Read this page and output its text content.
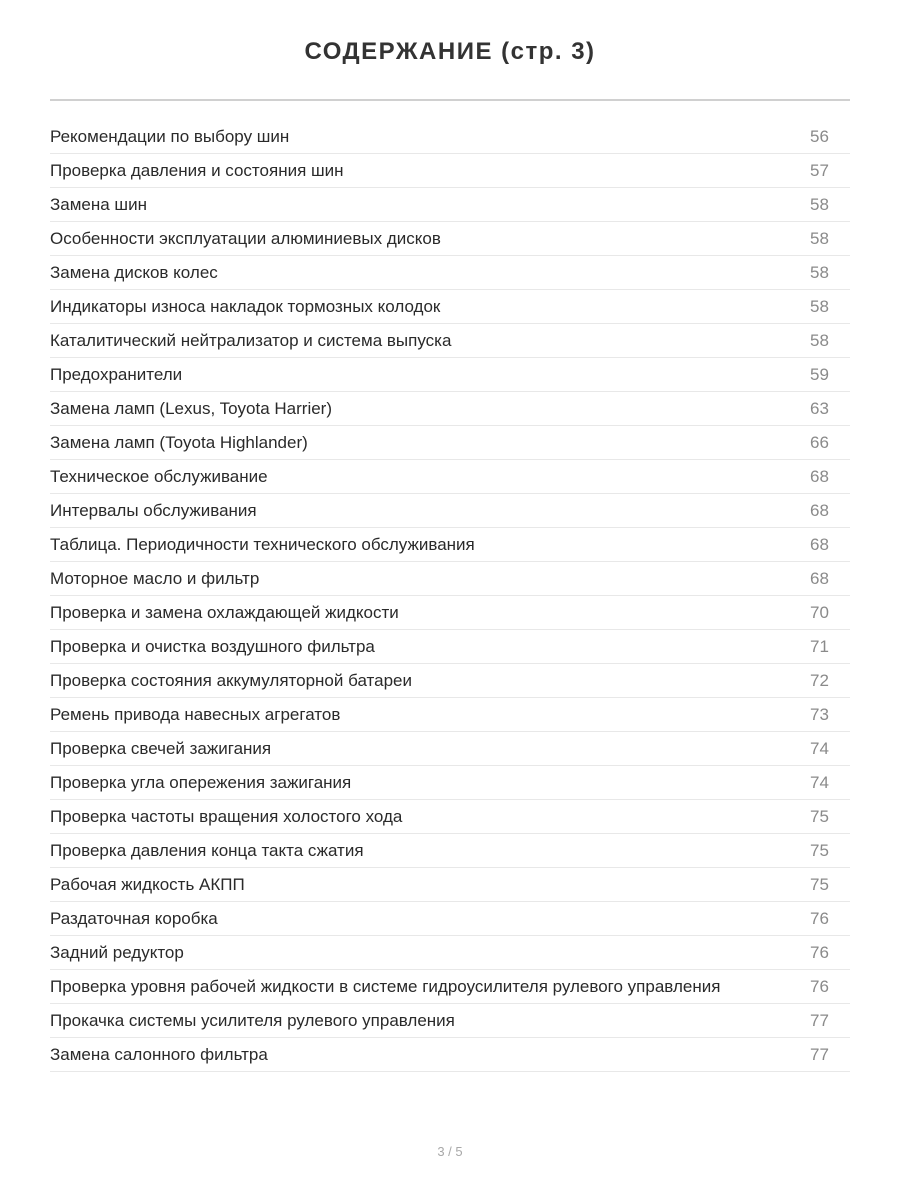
СОДЕРЖАНИЕ (стр. 3)
Рекомендации по выбору шин	56
Проверка давления и состояния шин	57
Замена шин	58
Особенности эксплуатации алюминиевых дисков	58
Замена дисков колес	58
Индикаторы износа накладок тормозных колодок	58
Каталитический нейтрализатор и система выпуска	58
Предохранители	59
Замена ламп (Lexus, Toyota Harrier)	63
Замена ламп (Toyota Highlander)	66
Техническое обслуживание	68
Интервалы обслуживания	68
Таблица. Периодичности технического обслуживания	68
Моторное масло и фильтр	68
Проверка и замена охлаждающей жидкости	70
Проверка и очистка воздушного фильтра	71
Проверка состояния аккумуляторной батареи	72
Ремень привода навесных агрегатов	73
Проверка свечей зажигания	74
Проверка угла опережения зажигания	74
Проверка частоты вращения холостого хода	75
Проверка давления конца такта сжатия	75
Рабочая жидкость АКПП	75
Раздаточная коробка	76
Задний редуктор	76
Проверка уровня рабочей жидкости в системе гидроусилителя рулевого управления	76
Прокачка системы усилителя рулевого управления	77
Замена салонного фильтра	77
3 / 5
